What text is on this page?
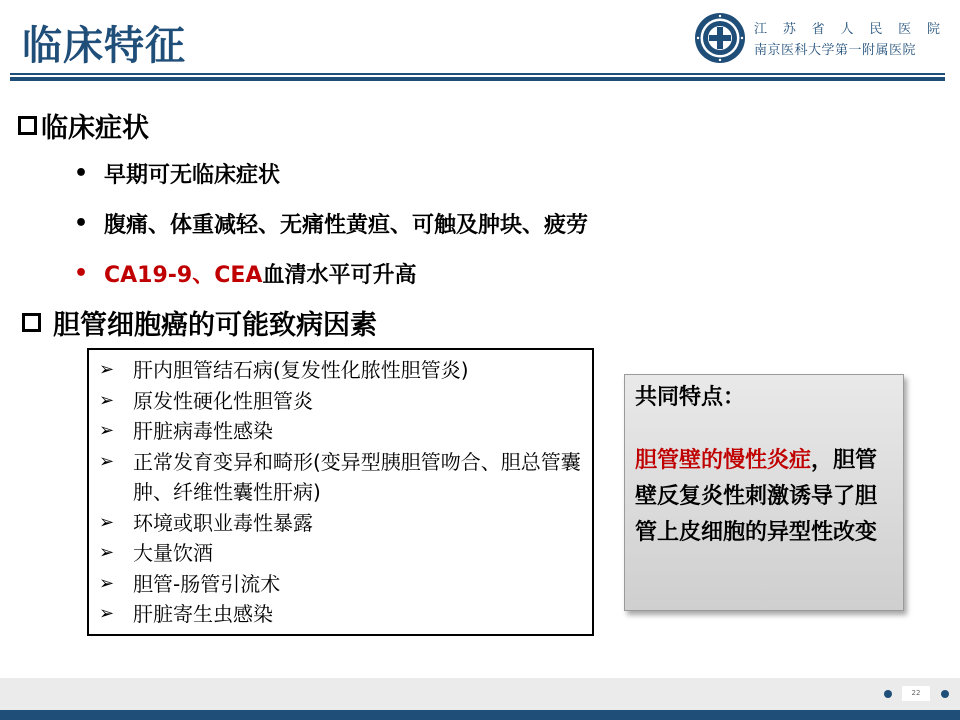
临床特征	江 苏 省 人 民 医 院
南京医科大学第一附属医院
临床症状
• 早期可无临床症状
• 腹痛、体重减轻、无痛性黄疸、可触及肿块、疲劳
• CA19-9、CEA 血清水平可升高
胆管细胞癌的可能致病因素
➢ 肝内胆管结石病(复发性化脓性胆管炎)
➢ 原发性硬化性胆管炎
➢ 肝脏病毒性感染
➢ 正常发育变异和畸形(变异型胰胆管吻合、胆总管囊肿、纤维性囊性肝病)
➢ 环境或职业毒性暴露
➢ 大量饮酒
➢ 胆管-肠管引流术
➢ 肝脏寄生虫感染
共同特点：
胆管壁的慢性炎症，胆管壁反复炎性刺激诱导了胆管上皮细胞的异型性改变
22
